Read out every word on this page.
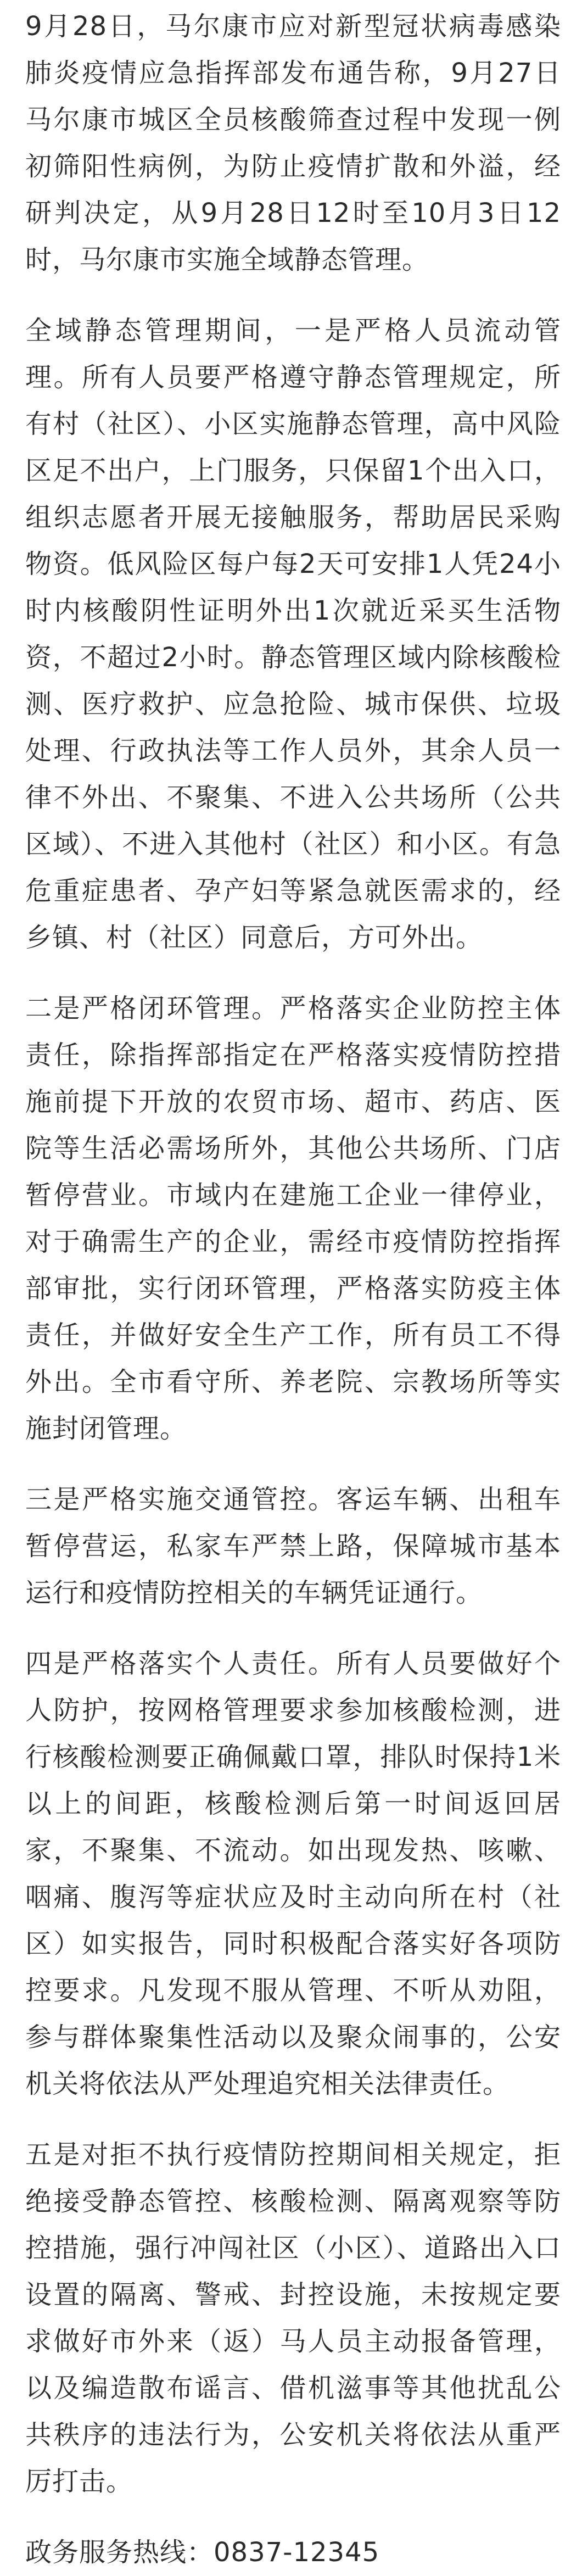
9月28日，马尔康市应对新型冠状病毒感染肺炎疫情应急指挥部发布通告称，9月27日马尔康市城区全员核酸筛查过程中发现一例初筛阳性病例，为防止疫情扩散和外溢，经研判决定，从9月28日12时至10月3日12时，马尔康市实施全域静态管理。

全域静态管理期间，一是严格人员流动管理。所有人员要严格遵守静态管理规定，所有村（社区）、小区实施静态管理，高中风险区足不出户，上门服务，只保留1个出入口，组织志愿者开展无接触服务，帮助居民采购物资。低风险区每户每2天可安排1人凭24小时内核酸阴性证明外出1次就近采买生活物资，不超过2小时。静态管理区域内除核酸检测、医疗救护、应急抢险、城市保供、垃圾处理、行政执法等工作人员外，其余人员一律不外出、不聚集、不进入公共场所（公共区域）、不进入其他村（社区）和小区。有急危重症患者、孕产妇等紧急就医需求的，经乡镇、村（社区）同意后，方可外出。

二是严格闭环管理。严格落实企业防控主体责任，除指挥部指定在严格落实疫情防控措施前提下开放的农贸市场、超市、药店、医院等生活必需场所外，其他公共场所、门店暂停营业。市域内在建施工企业一律停业，对于确需生产的企业，需经市疫情防控指挥部审批，实行闭环管理，严格落实防疫主体责任，并做好安全生产工作，所有员工不得外出。全市看守所、养老院、宗教场所等实施封闭管理。

三是严格实施交通管控。客运车辆、出租车暂停营运，私家车严禁上路，保障城市基本运行和疫情防控相关的车辆凭证通行。

四是严格落实个人责任。所有人员要做好个人防护，按网格管理要求参加核酸检测，进行核酸检测要正确佩戴口罩，排队时保持1米以上的间距，核酸检测后第一时间返回居家，不聚集、不流动。如出现发热、咳嗽、咽痛、腹泻等症状应及时主动向所在村（社区）如实报告，同时积极配合落实好各项防控要求。凡发现不服从管理、不听从劝阻，参与群体聚集性活动以及聚众闹事的，公安机关将依法从严处理追究相关法律责任。

五是对拒不执行疫情防控期间相关规定，拒绝接受静态管控、核酸检测、隔离观察等防控措施，强行冲闯社区（小区）、道路出入口设置的隔离、警戒、封控设施，未按规定要求做好市外来（返）马人员主动报备管理，以及编造散布谣言、借机滋事等其他扰乱公共秩序的违法行为，公安机关将依法从重严厉打击。

政务服务热线：0837-12345
